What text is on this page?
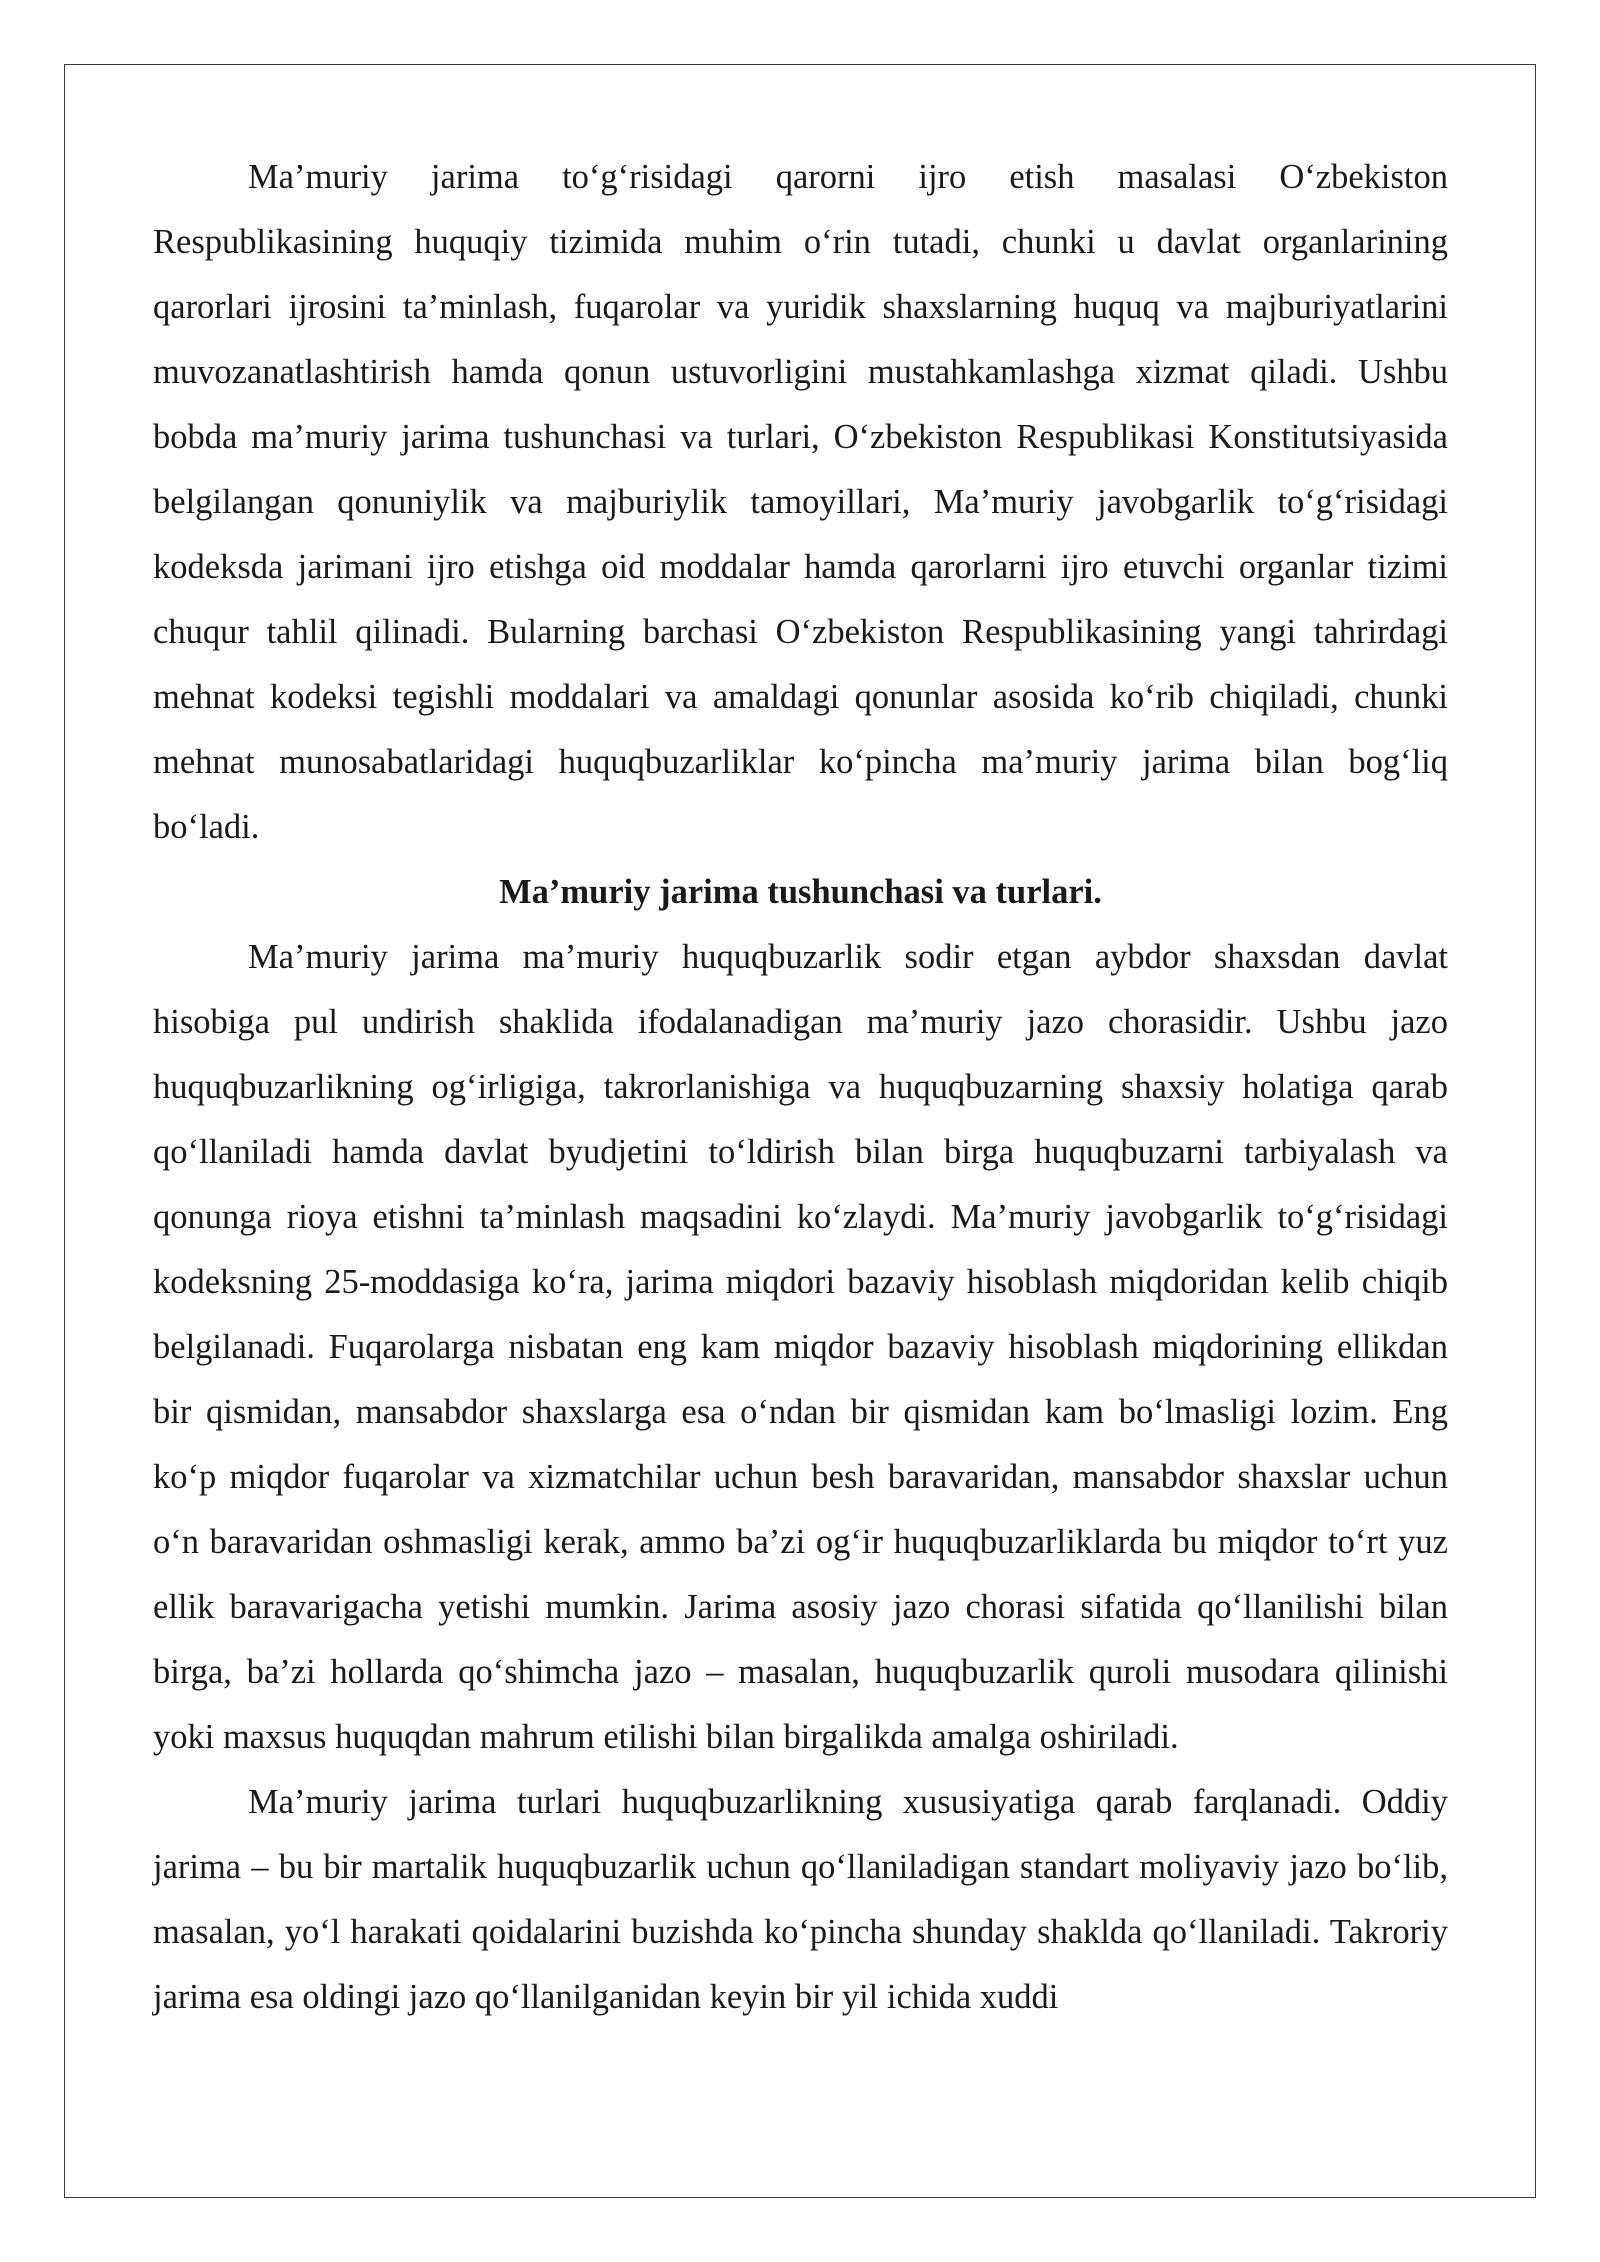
Ma’muriy jarima to‘g‘risidagi qarorni ijro etish masalasi O‘zbekiston Respublikasining huquqiy tizimida muhim o‘rin tutadi, chunki u davlat organlarining qarorlari ijrosini ta’minlash, fuqarolar va yuridik shaxslarning huquq va majburiyatlarini muvozanatlashtirish hamda qonun ustuvorligini mustahkamlashga xizmat qiladi. Ushbu bobda ma’muriy jarima tushunchasi va turlari, O‘zbekiston Respublikasi Konstitutsiyasida belgilangan qonuniylik va majburiylik tamoyillari, Ma’muriy javobgarlik to‘g‘risidagi kodeksda jarimani ijro etishga oid moddalar hamda qarorlarni ijro etuvchi organlar tizimi chuqur tahlil qilinadi. Bularning barchasi O‘zbekiston Respublikasining yangi tahrirdagi mehnat kodeksi tegishli moddalari va amaldagi qonunlar asosida ko‘rib chiqiladi, chunki mehnat munosabatlaridagi huquqbuzarliklar ko‘pincha ma’muriy jarima bilan bog‘liq bo‘ladi.

Ma’muriy jarima tushunchasi va turlari.

Ma’muriy jarima ma’muriy huquqbuzarlik sodir etgan aybdor shaxsdan davlat hisobiga pul undirish shaklida ifodalanadigan ma’muriy jazo chorasidir. Ushbu jazo huquqbuzarlikning og‘irligiga, takrorlanishiga va huquqbuzarning shaxsiy holatiga qarab qo‘llaniladi hamda davlat byudjetini to‘ldirish bilan birga huquqbuzarni tarbiyalash va qonunga rioya etishni ta’minlash maqsadini ko‘zlaydi. Ma’muriy javobgarlik to‘g‘risidagi kodeksning 25-moddasiga ko‘ra, jarima miqdori bazaviy hisoblash miqdoridan kelib chiqib belgilanadi. Fuqarolarga nisbatan eng kam miqdor bazaviy hisoblash miqdorining ellikdan bir qismidan, mansabdor shaxslarga esa o‘ndan bir qismidan kam bo‘lmasligi lozim. Eng ko‘p miqdor fuqarolar va xizmatchilar uchun besh baravaridan, mansabdor shaxslar uchun o‘n baravaridan oshmasligi kerak, ammo ba’zi og‘ir huquqbuzarliklarda bu miqdor to‘rt yuz ellik baravarigacha yetishi mumkin. Jarima asosiy jazo chorasi sifatida qo‘llanilishi bilan birga, ba’zi hollarda qo‘shimcha jazo – masalan, huquqbuzarlik quroli musodara qilinishi yoki maxsus huquqdan mahrum etilishi bilan birgalikda amalga oshiriladi.

Ma’muriy jarima turlari huquqbuzarlikning xususiyatiga qarab farqlanadi. Oddiy jarima – bu bir martalik huquqbuzarlik uchun qo‘llaniladigan standart moliyaviy jazo bo‘lib, masalan, yo‘l harakati qoidalarini buzishda ko‘pincha shunday shaklda qo‘llaniladi. Takroriy jarima esa oldingi jazo qo‘llanilganidan keyin bir yil ichida xuddi
